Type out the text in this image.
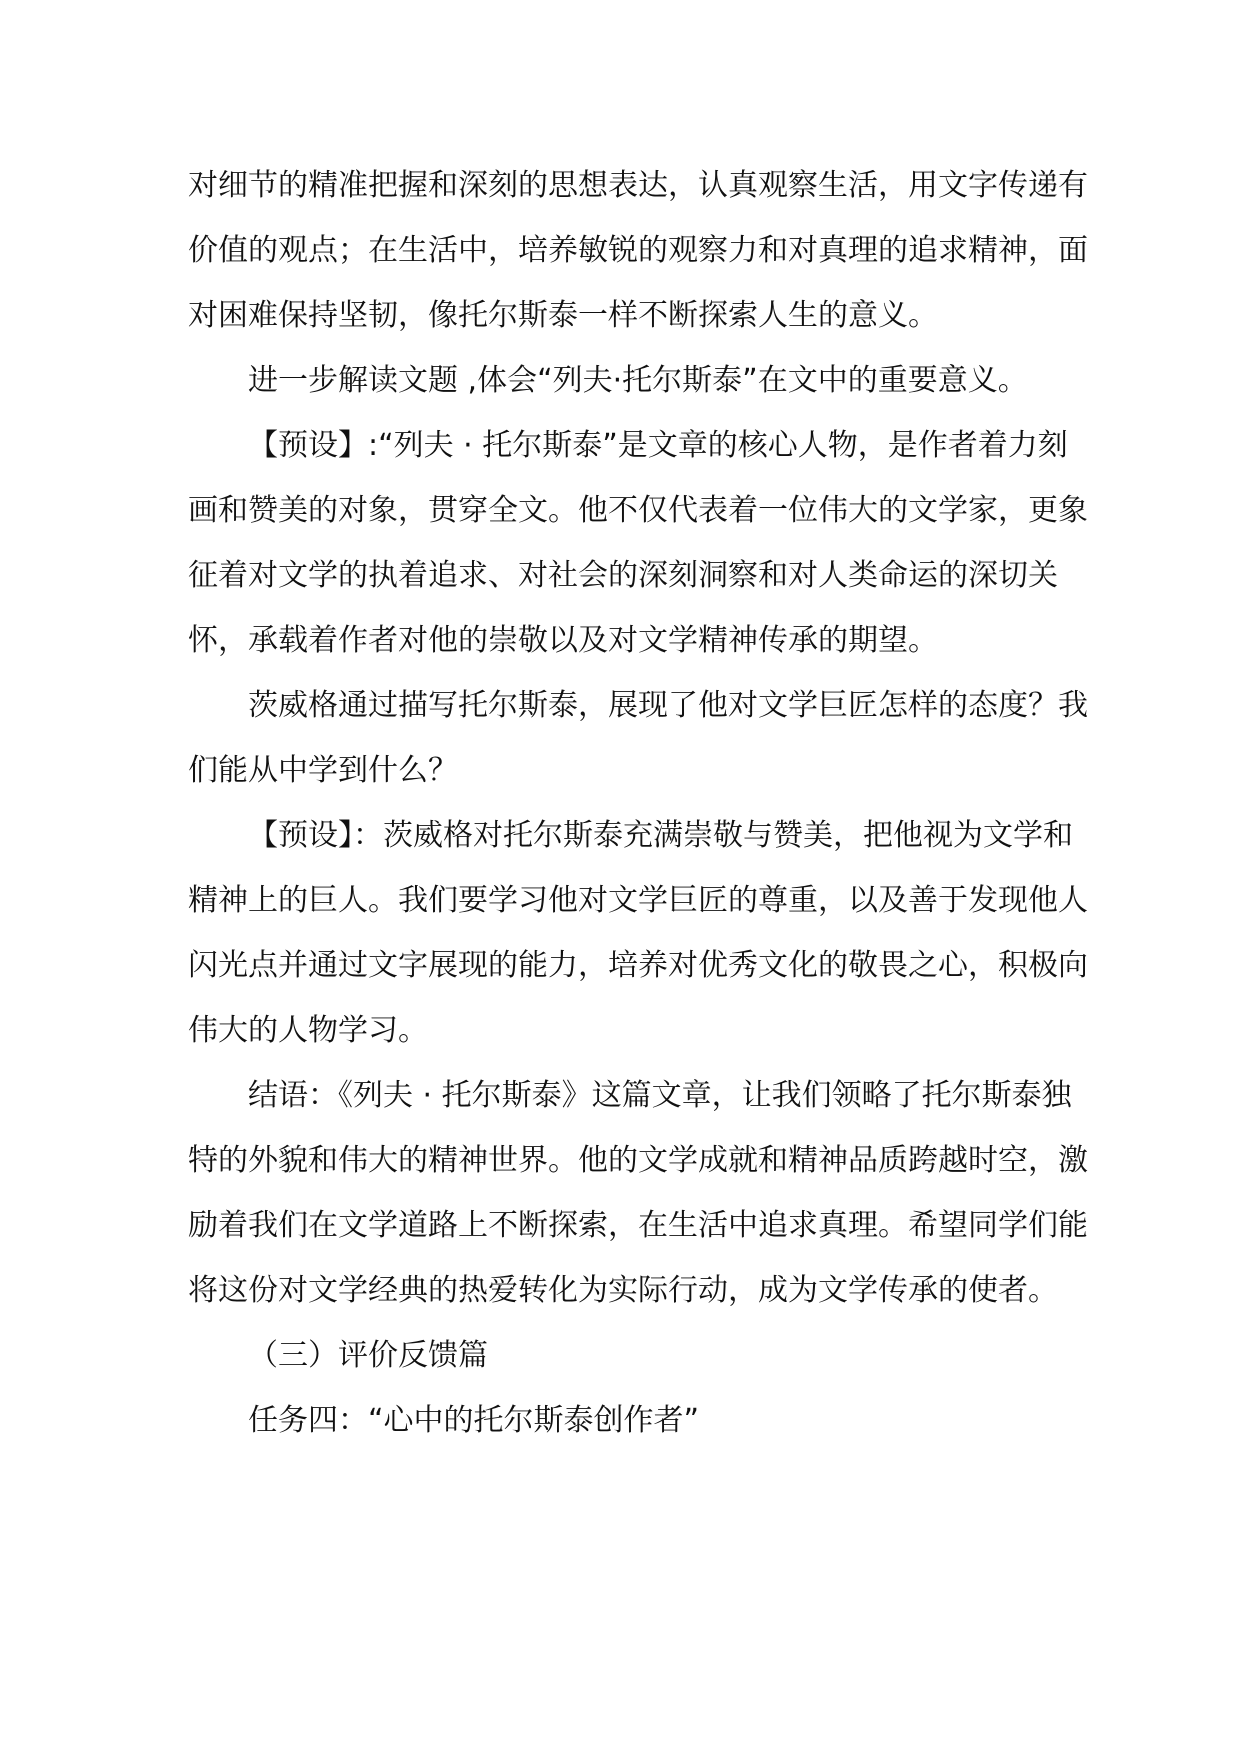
对细节的精准把握和深刻的思想表达，认真观察生活，用文字传递有价值的观点；在生活中，培养敏锐的观察力和对真理的追求精神，面对困难保持坚韧，像托尔斯泰一样不断探索人生的意义。

进一步解读文题 ,体会“列夫·托尔斯泰”在文中的重要意义。

【预设】:“列夫 · 托尔斯泰”是文章的核心人物，是作者着力刻画和赞美的对象，贯穿全文。他不仅代表着一位伟大的文学家，更象征着对文学的执着追求、对社会的深刻洞察和对人类命运的深切关怀，承载着作者对他的崇敬以及对文学精神传承的期望。

茨威格通过描写托尔斯泰，展现了他对文学巨匠怎样的态度？我们能从中学到什么？

【预设】：茨威格对托尔斯泰充满崇敬与赞美，把他视为文学和精神上的巨人。我们要学习他对文学巨匠的尊重，以及善于发现他人闪光点并通过文字展现的能力，培养对优秀文化的敬畏之心，积极向伟大的人物学习。

结语：《列夫 · 托尔斯泰》这篇文章，让我们领略了托尔斯泰独特的外貌和伟大的精神世界。他的文学成就和精神品质跨越时空，激励着我们在文学道路上不断探索，在生活中追求真理。希望同学们能将这份对文学经典的热爱转化为实际行动，成为文学传承的使者。

（三）评价反馈篇

任务四：“心中的托尔斯泰创作者”
